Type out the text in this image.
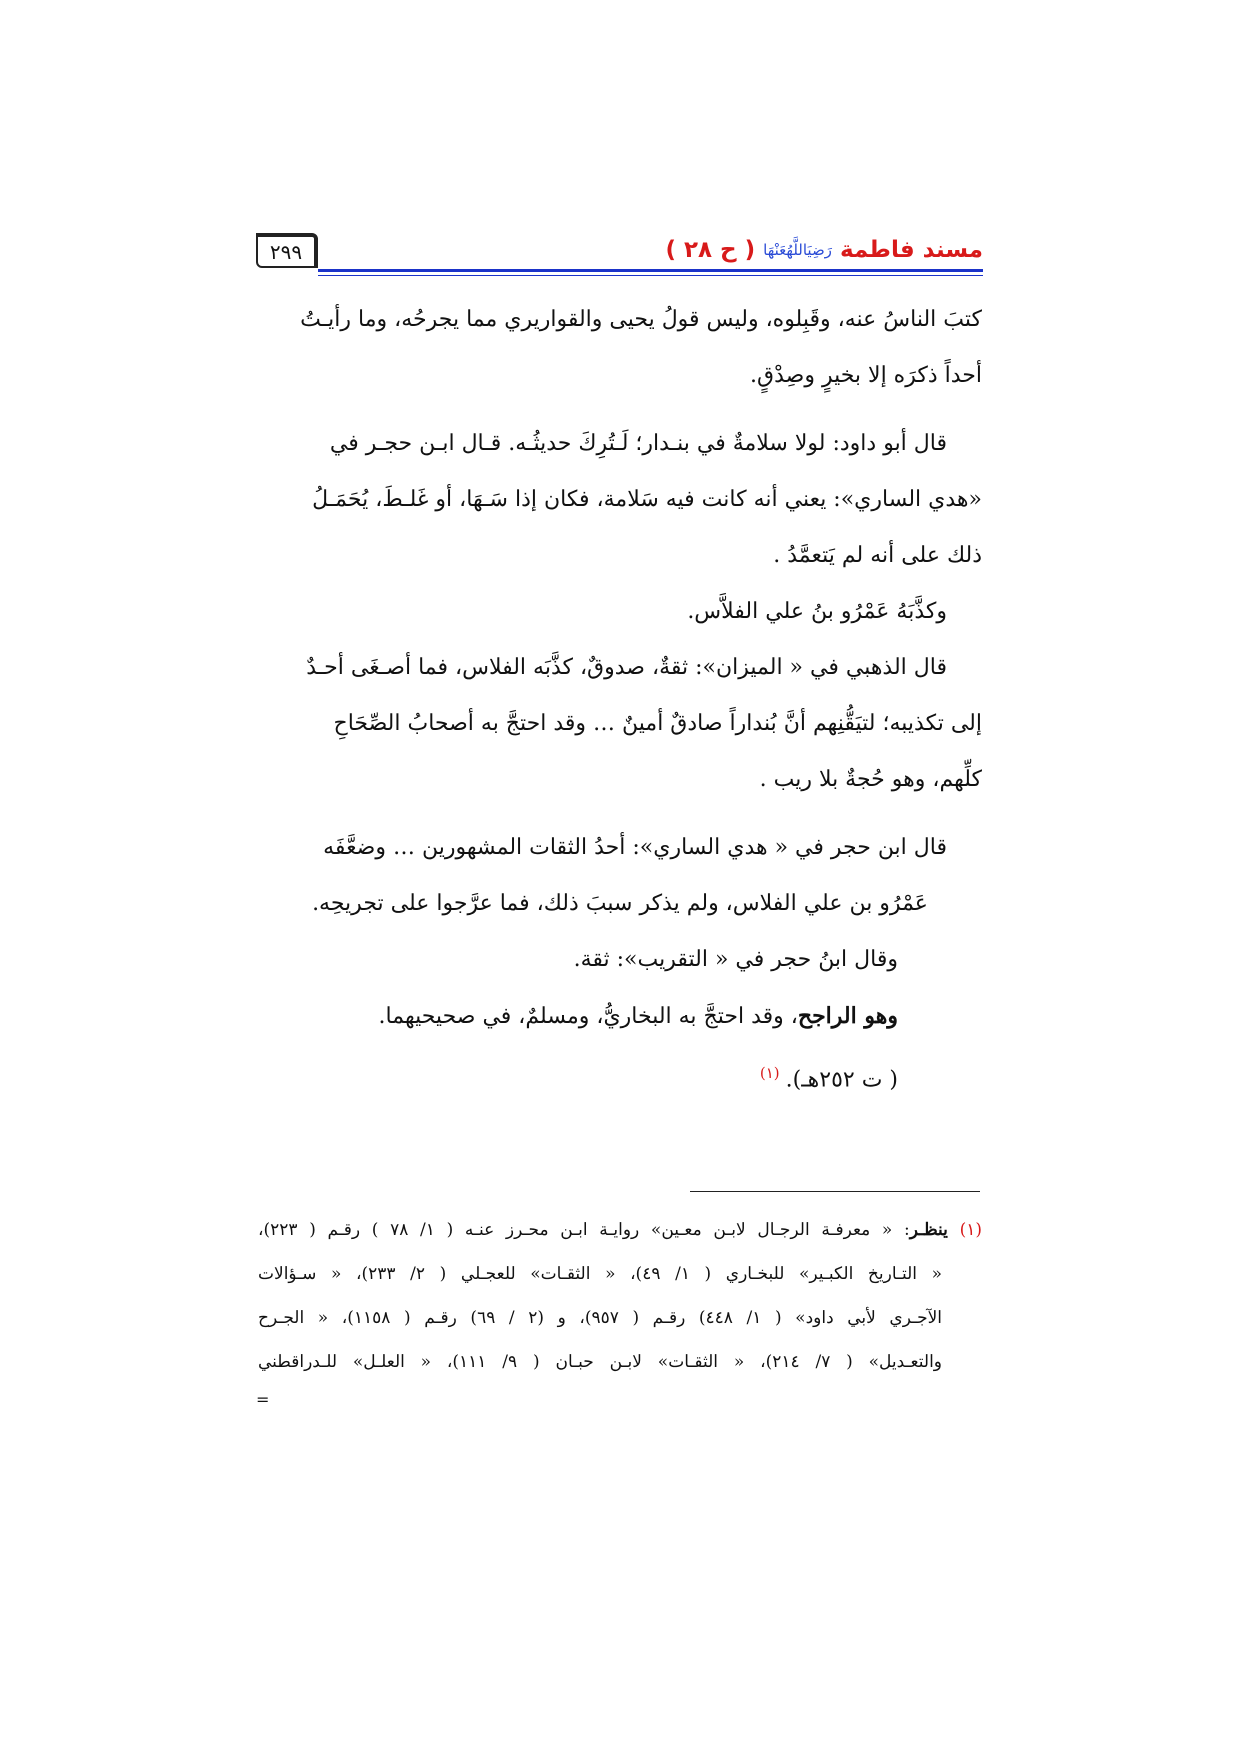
مسند فاطمة
رَضِيَاللَّهُعَنْهَا
( ح ٢٨ )
٢٩٩

كتبَ الناسُ عنه، وقَبِلوه، وليس قولُ يحيى والقواريري مما يجرحُه، وما رأيـتُ

أحداً ذكرَه إلا بخيرٍ وصِدْقٍ.

قال أبو داود: لولا سلامةٌ في بنـدار؛ لَـتُرِكَ حديثُـه. قـال ابـن حجـر في

«هدي الساري»: يعني أنه كانت فيه سَلامة، فكان إذا سَـهَا، أو غَلـطَ، يُحَمَـلُ

ذلك على أنه لم يَتعمَّدُ .

وكذَّبَهُ عَمْرُو بنُ علي الفلاَّس.

قال الذهبي في « الميزان»: ثقةٌ، صدوقٌ، كذَّبَه الفلاس، فما أصـغَى أحـدٌ

إلى تكذيبه؛ لتيَقُّنِهم أنَّ بُنداراً صادقٌ أمينٌ … وقد احتجَّ به أصحابُ الصِّحَاحِ

كلِّهم، وهو حُجةٌ بلا ريب .

قال ابن حجر في « هدي الساري»: أحدُ الثقات المشهورين … وضعَّفَه

عَمْرُو بن علي الفلاس، ولم يذكر سببَ ذلك، فما عرَّجوا على تجريحِه.

وقال ابنُ حجر في « التقريب»: ثقة.

وهو الراجح، وقد احتجَّ به البخاريُّ، ومسلمٌ، في صحيحيهما.

( ت ٢٥٢هـ).$^{(١)}$

(١) ينظـر: « معرفـة الرجـال لابـن معـين» روايـة ابـن محـرز عنـه ( ١/ ٧٨ ) رقـم ( ٢٢٣)،

« التـاريخ الكبـير» للبخـاري ( ١/ ٤٩)، « الثقـات» للعجـلي ( ٢/ ٢٣٣)، « سـؤالات

الآجـري لأبي داود» ( ١/ ٤٤٨) رقـم ( ٩٥٧)، و (٢ / ٦٩) رقـم ( ١١٥٨)، « الجـرح

والتعـديل» ( ٧/ ٢١٤)، « الثقـات» لابـن حبـان ( ٩/ ١١١)، « العلـل» للـدراقطني

=
